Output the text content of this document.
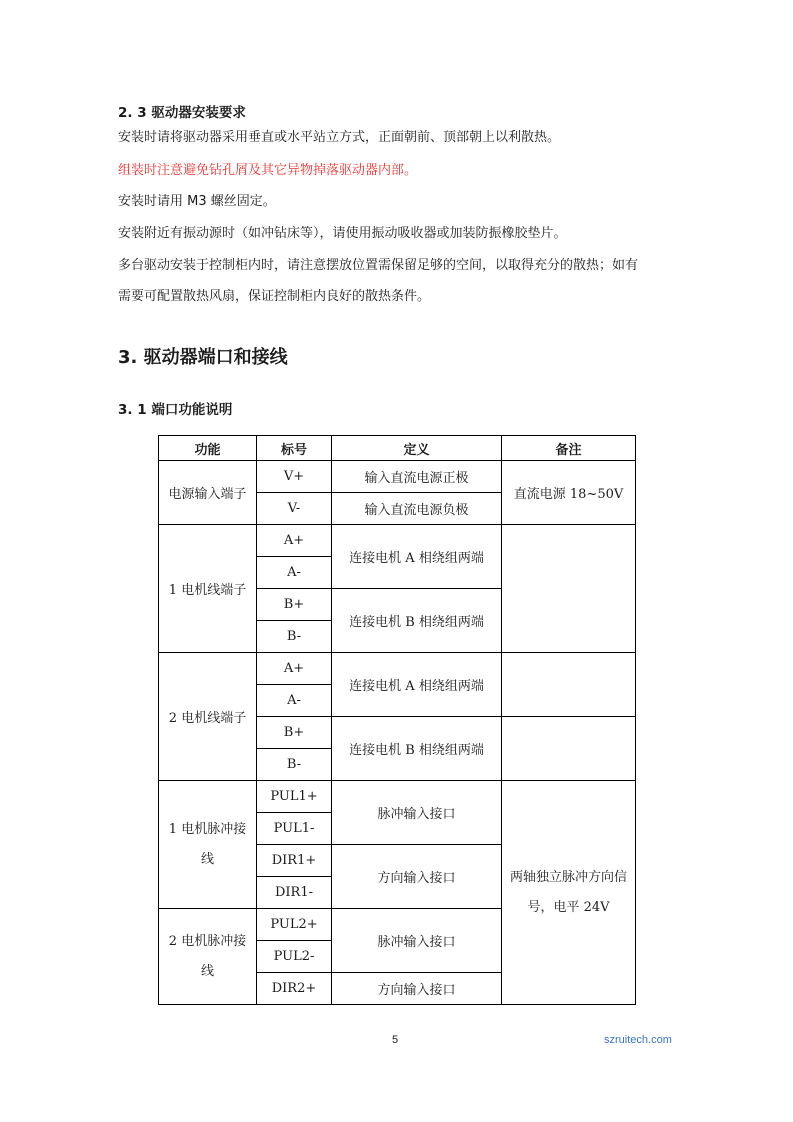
2. 3 驱动器安装要求
安装时请将驱动器采用垂直或水平站立方式，正面朝前、顶部朝上以利散热。
组装时注意避免钻孔屑及其它异物掉落驱动器内部。
安装时请用 M3 螺丝固定。
安装附近有振动源时（如冲钻床等），请使用振动吸收器或加装防振橡胶垫片。
多台驱动安装于控制柜内时，请注意摆放位置需保留足够的空间，以取得充分的散热；如有
需要可配置散热风扇，保证控制柜内良好的散热条件。
3. 驱动器端口和接线
3. 1 端口功能说明
功能	标号	定义	备注
电源输入端子	V+	输入直流电源正极	直流电源 18~50V
	V-	输入直流电源负极	
1 电机线端子	A+	连接电机 A 相绕组两端	
	A-		
	B+	连接电机 B 相绕组两端	
	B-		
2 电机线端子	A+	连接电机 A 相绕组两端	
	A-		
	B+	连接电机 B 相绕组两端	
	B-		
1 电机脉冲接线	PUL1+	脉冲输入接口	两轴独立脉冲方向信号，电平 24V
	PUL1-		
	DIR1+	方向输入接口	
	DIR1-		
2 电机脉冲接线	PUL2+	脉冲输入接口	
	PUL2-		
	DIR2+	方向输入接口	
5	szruitech.com
